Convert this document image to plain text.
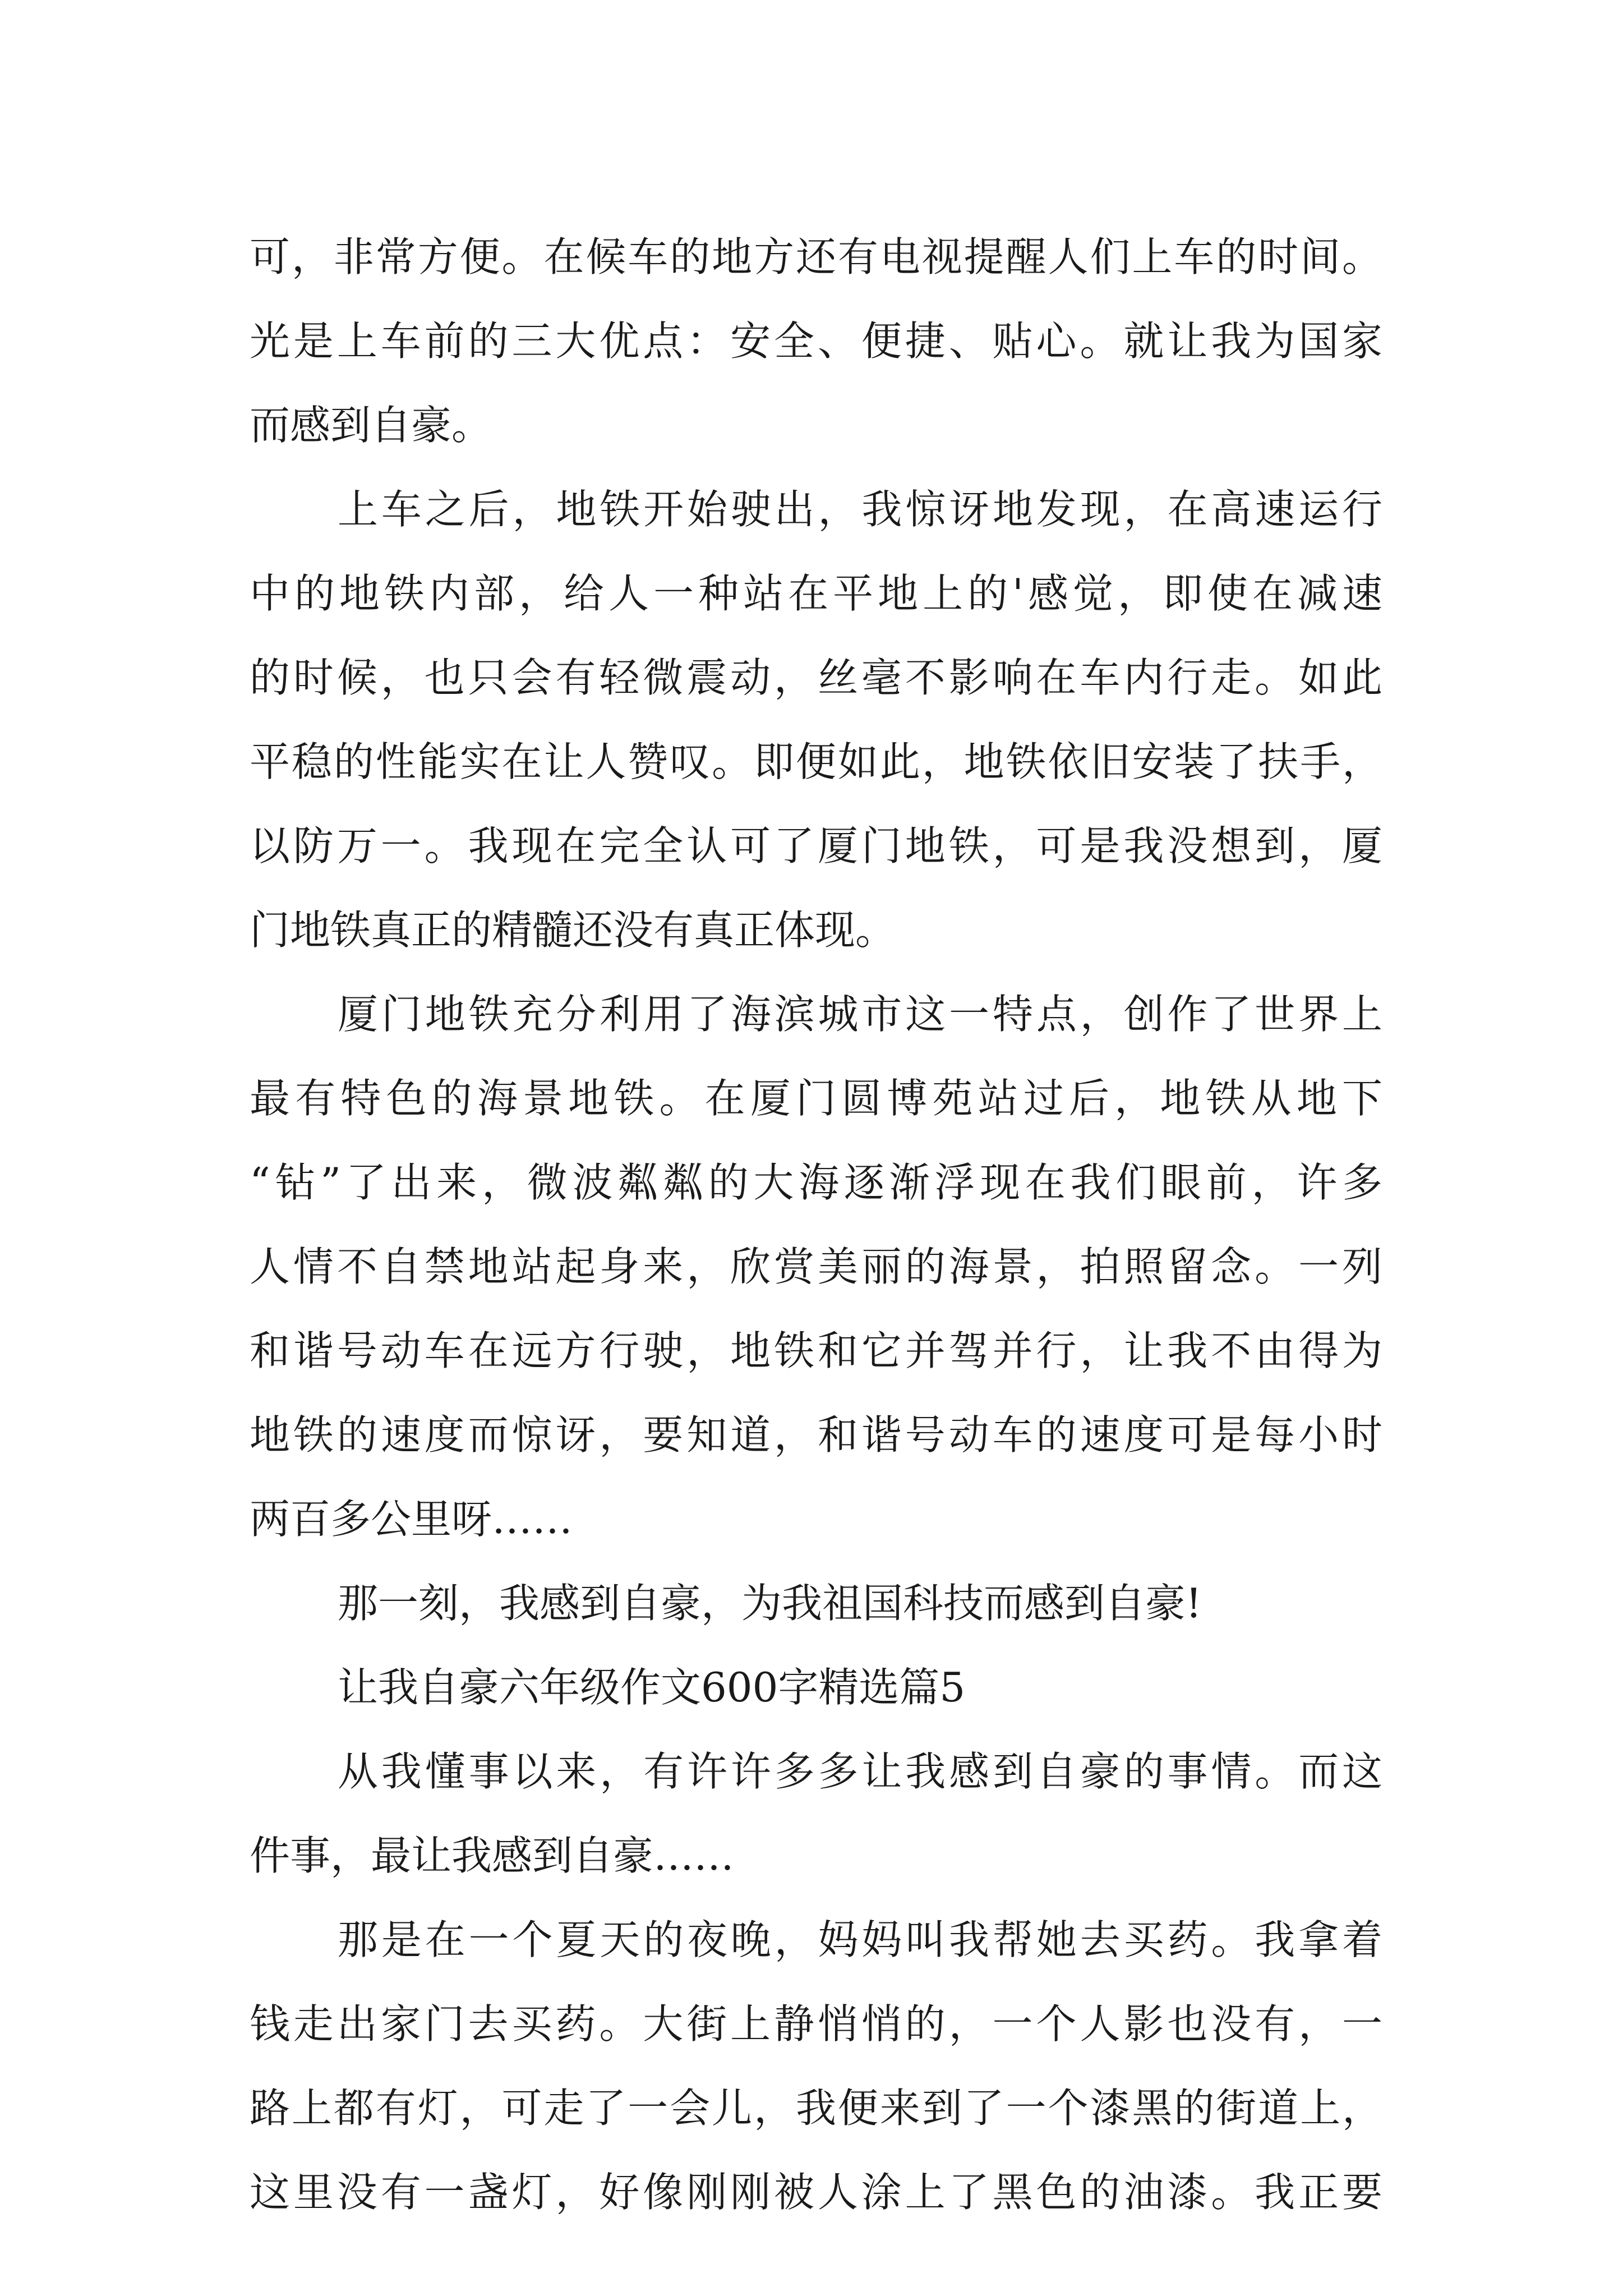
可，非常方便。在候车的地方还有电视提醒人们上车的时间。
光是上车前的三大优点：安全、便捷、贴心。就让我为国家
而感到自豪。
上车之后，地铁开始驶出，我惊讶地发现，在高速运行
中的地铁内部，给人一种站在平地上的'感觉，即使在减速
的时候，也只会有轻微震动，丝毫不影响在车内行走。如此
平稳的性能实在让人赞叹。即便如此，地铁依旧安装了扶手，
以防万一。我现在完全认可了厦门地铁，可是我没想到，厦
门地铁真正的精髓还没有真正体现。
厦门地铁充分利用了海滨城市这一特点，创作了世界上
最有特色的海景地铁。在厦门圆博苑站过后，地铁从地下
“钻”了出来，微波粼粼的大海逐渐浮现在我们眼前，许多
人情不自禁地站起身来，欣赏美丽的海景，拍照留念。一列
和谐号动车在远方行驶，地铁和它并驾并行，让我不由得为
地铁的速度而惊讶，要知道，和谐号动车的速度可是每小时
两百多公里呀……
那一刻，我感到自豪，为我祖国科技而感到自豪!
让我自豪六年级作文600字精选篇5
从我懂事以来，有许许多多让我感到自豪的事情。而这
件事，最让我感到自豪……
那是在一个夏天的夜晚，妈妈叫我帮她去买药。我拿着
钱走出家门去买药。大街上静悄悄的，一个人影也没有，一
路上都有灯，可走了一会儿，我便来到了一个漆黑的街道上，
这里没有一盏灯，好像刚刚被人涂上了黑色的油漆。我正要
